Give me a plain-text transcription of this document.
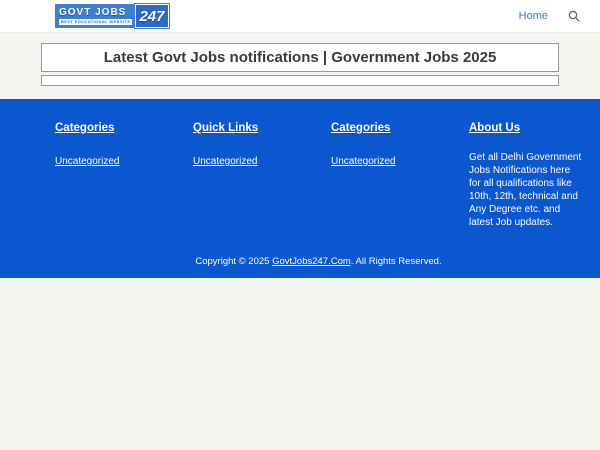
GOVT JOBS
BEST EDUCATIONAL WEBSITE 247	Home
Latest Govt Jobs notifications | Government Jobs 2025
Categories
Uncategorized
Quick Links
Uncategorized
Categories
Uncategorized
About Us
Get all Delhi Government Jobs Notifications here for all qualifications like 10th, 12th, technical and Any Degree etc. and latest Job updates.
Copyright © 2025 GovtJobs247.Com. All Rights Reserved.
